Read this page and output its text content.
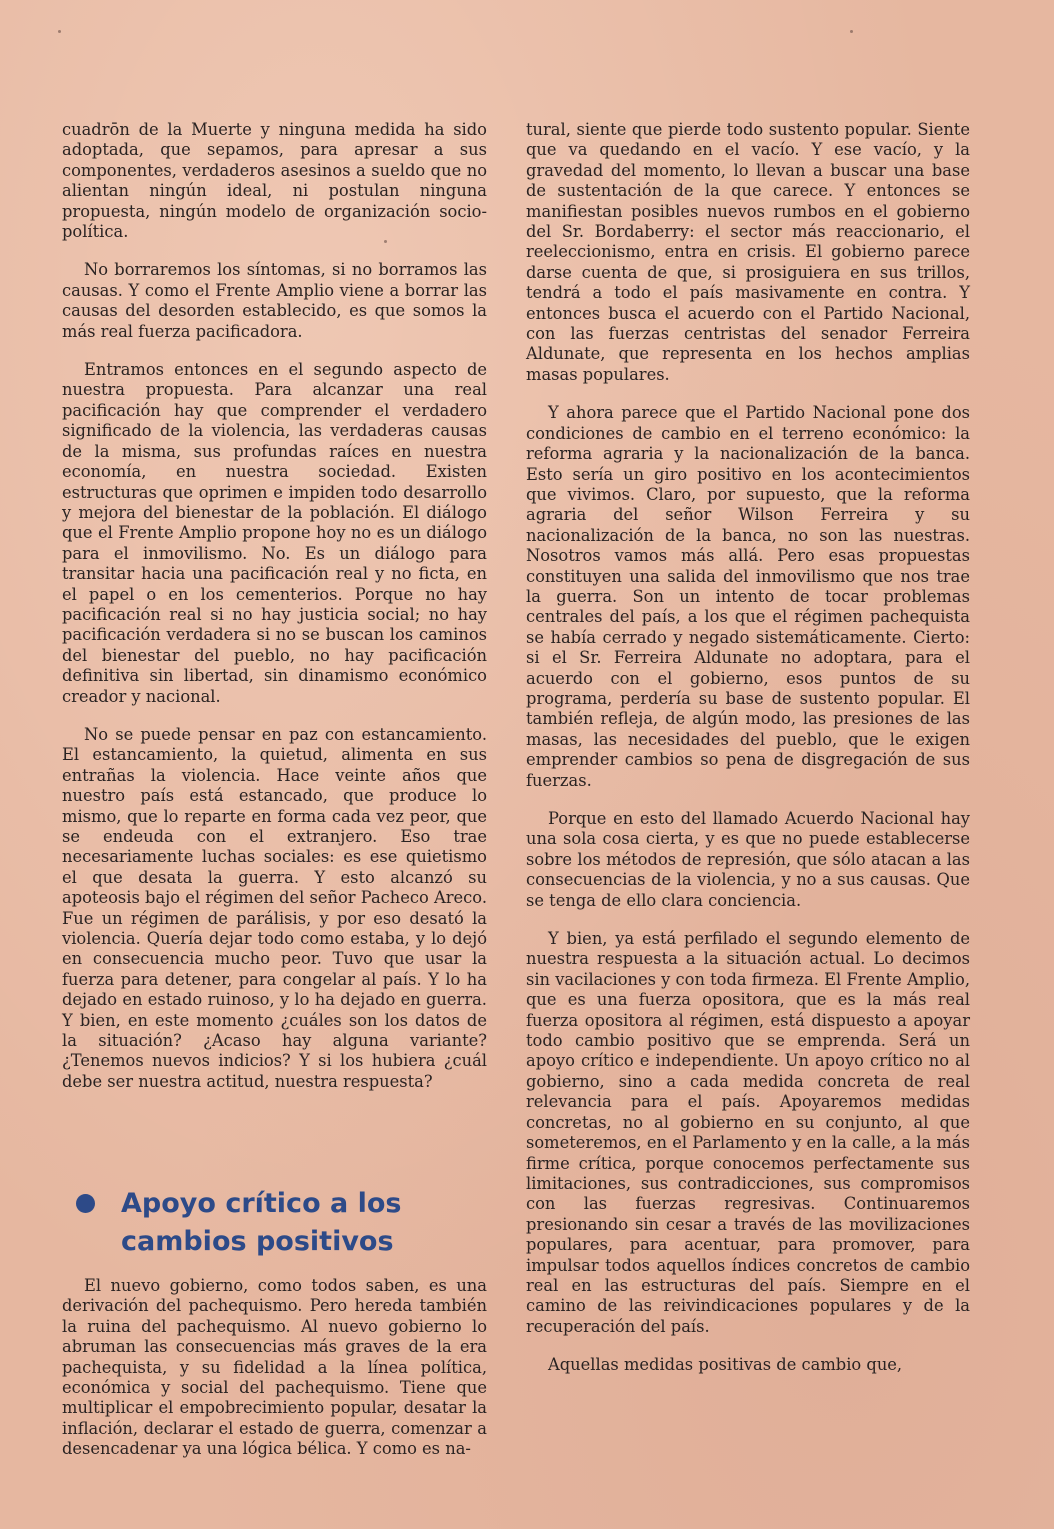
cuadrōn de la Muerte y ninguna medida ha sido adoptada, que sepamos, para apresar a sus componentes, verdaderos asesinos a sueldo que no alientan ningún ideal, ni postulan ninguna propuesta, ningún modelo de organización socio-política.

No borraremos los síntomas, si no borramos las causas. Y como el Frente Amplio viene a borrar las causas del desorden establecido, es que somos la más real fuerza pacificadora.

Entramos entonces en el segundo aspecto de nuestra propuesta. Para alcanzar una real pacificación hay que comprender el verdadero significado de la violencia, las verdaderas causas de la misma, sus profundas raíces en nuestra economía, en nuestra sociedad. Existen estructuras que oprimen e impiden todo desarrollo y mejora del bienestar de la población. El diálogo que el Frente Amplio propone hoy no es un diálogo para el inmovilismo. No. Es un diálogo para transitar hacia una pacificación real y no ficta, en el papel o en los cementerios. Porque no hay pacificación real si no hay justicia social; no hay pacificación verdadera si no se buscan los caminos del bienestar del pueblo, no hay pacificación definitiva sin libertad, sin dinamismo económico creador y nacional.

No se puede pensar en paz con estancamiento. El estancamiento, la quietud, alimenta en sus entrañas la violencia. Hace veinte años que nuestro país está estancado, que produce lo mismo, que lo reparte en forma cada vez peor, que se endeuda con el extranjero. Eso trae necesariamente luchas sociales: es ese quietismo el que desata la guerra. Y esto alcanzó su apoteosis bajo el régimen del señor Pacheco Areco. Fue un régimen de parálisis, y por eso desató la violencia. Quería dejar todo como estaba, y lo dejó en consecuencia mucho peor. Tuvo que usar la fuerza para detener, para congelar al país. Y lo ha dejado en estado ruinoso, y lo ha dejado en guerra. Y bien, en este momento ¿cuáles son los datos de la situación? ¿Acaso hay alguna variante? ¿Tenemos nuevos indicios? Y si los hubiera ¿cuál debe ser nuestra actitud, nuestra respuesta?

Apoyo crítico a los
cambios positivos

El nuevo gobierno, como todos saben, es una derivación del pachequismo. Pero hereda también la ruina del pachequismo. Al nuevo gobierno lo abruman las consecuencias más graves de la era pachequista, y su fidelidad a la línea política, económica y social del pachequismo. Tiene que multiplicar el empobrecimiento popular, desatar la inflación, declarar el estado de guerra, comenzar a desencadenar ya una lógica bélica. Y como es na-

tural, siente que pierde todo sustento popular. Siente que va quedando en el vacío. Y ese vacío, y la gravedad del momento, lo llevan a buscar una base de sustentación de la que carece. Y entonces se manifiestan posibles nuevos rumbos en el gobierno del Sr. Bordaberry: el sector más reaccionario, el reeleccionismo, entra en crisis. El gobierno parece darse cuenta de que, si prosiguiera en sus trillos, tendrá a todo el país masivamente en contra. Y entonces busca el acuerdo con el Partido Nacional, con las fuerzas centristas del senador Ferreira Aldunate, que representa en los hechos amplias masas populares.

Y ahora parece que el Partido Nacional pone dos condiciones de cambio en el terreno económico: la reforma agraria y la nacionalización de la banca. Esto sería un giro positivo en los acontecimientos que vivimos. Claro, por supuesto, que la reforma agraria del señor Wilson Ferreira y su nacionalización de la banca, no son las nuestras. Nosotros vamos más allá. Pero esas propuestas constituyen una salida del inmovilismo que nos trae la guerra. Son un intento de tocar problemas centrales del país, a los que el régimen pachequista se había cerrado y negado sistemáticamente. Cierto: si el Sr. Ferreira Aldunate no adoptara, para el acuerdo con el gobierno, esos puntos de su programa, perdería su base de sustento popular. El también refleja, de algún modo, las presiones de las masas, las necesidades del pueblo, que le exigen emprender cambios so pena de disgregación de sus fuerzas.

Porque en esto del llamado Acuerdo Nacional hay una sola cosa cierta, y es que no puede establecerse sobre los métodos de represión, que sólo atacan a las consecuencias de la violencia, y no a sus causas. Que se tenga de ello clara conciencia.

Y bien, ya está perfilado el segundo elemento de nuestra respuesta a la situación actual. Lo decimos sin vacilaciones y con toda firmeza. El Frente Amplio, que es una fuerza opositora, que es la más real fuerza opositora al régimen, está dispuesto a apoyar todo cambio positivo que se emprenda. Será un apoyo crítico e independiente. Un apoyo crítico no al gobierno, sino a cada medida concreta de real relevancia para el país. Apoyaremos medidas concretas, no al gobierno en su conjunto, al que someteremos, en el Parlamento y en la calle, a la más firme crítica, porque conocemos perfectamente sus limitaciones, sus contradicciones, sus compromisos con las fuerzas regresivas. Continuaremos presionando sin cesar a través de las movilizaciones populares, para acentuar, para promover, para impulsar todos aquellos índices concretos de cambio real en las estructuras del país. Siempre en el camino de las reivindicaciones populares y de la recuperación del país.

Aquellas medidas positivas de cambio que,
